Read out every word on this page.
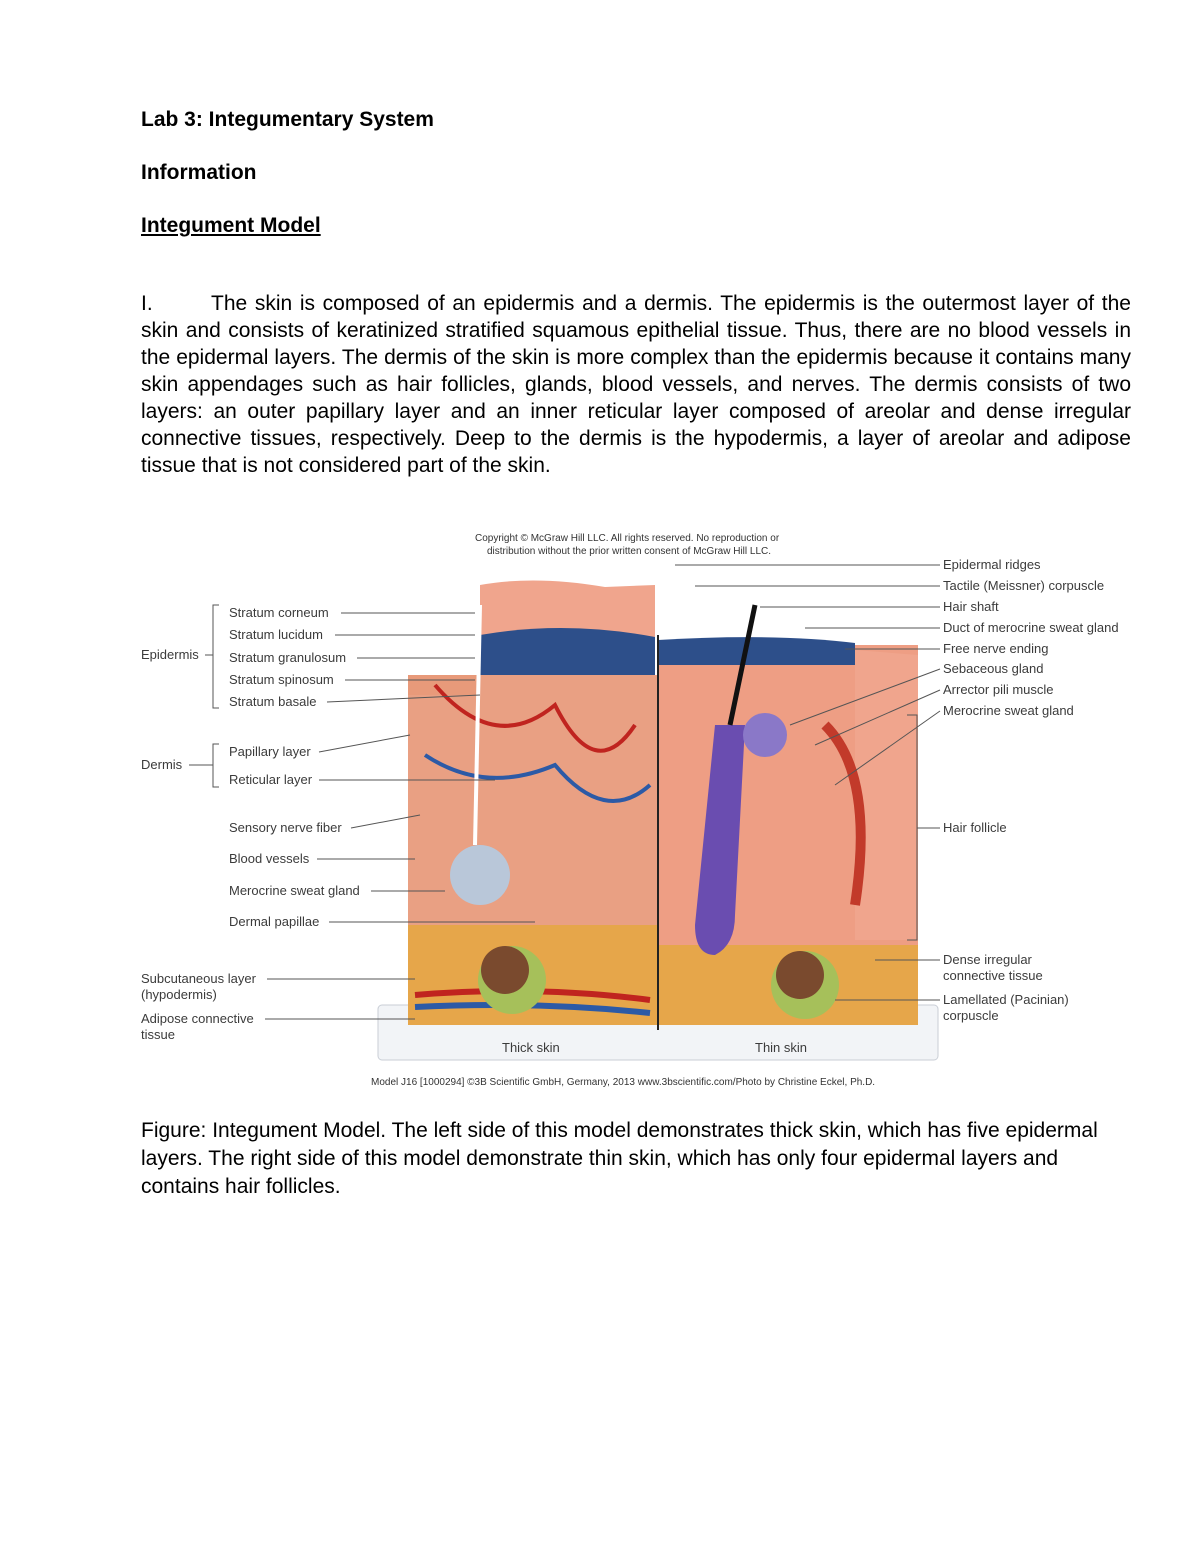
Lab 3: Integumentary System
Information
Integument Model

I.	The skin is composed of an epidermis and a dermis. The epidermis is the outermost layer of the skin and consists of keratinized stratified squamous epithelial tissue. Thus, there are no blood vessels in the epidermal layers. The dermis of the skin is more complex than the epidermis because it contains many skin appendages such as hair follicles, glands, blood vessels, and nerves. The dermis consists of two layers: an outer papillary layer and an inner reticular layer composed of areolar and dense irregular connective tissues, respectively. Deep to the dermis is the hypodermis, a layer of areolar and adipose tissue that is not considered part of the skin.

Copyright © McGraw Hill LLC. All rights reserved. No reproduction or
distribution without the prior written consent of McGraw Hill LLC.
Thick skin	Thin skin
Epidermis
Dermis
Subcutaneous layer
(hypodermis)
Adipose connective
tissue
Stratum corneum
Stratum lucidum
Stratum granulosum
Stratum spinosum
Stratum basale
Papillary layer
Reticular layer
Sensory nerve fiber
Blood vessels
Merocrine sweat gland
Dermal papillae
Epidermal ridges
Tactile (Meissner) corpuscle
Hair shaft
Duct of merocrine sweat gland
Free nerve ending
Sebaceous gland
Arrector pili muscle
Merocrine sweat gland
Hair follicle
Dense irregular
connective tissue
Lamellated (Pacinian)
corpuscle
Model J16 [1000294] ©3B Scientific GmbH, Germany, 2013 www.3bscientific.com/Photo by Christine Eckel, Ph.D.

Figure: Integument Model. The left side of this model demonstrates thick skin, which has five epidermal layers. The right side of this model demonstrate thin skin, which has only four epidermal layers and contains hair follicles.
